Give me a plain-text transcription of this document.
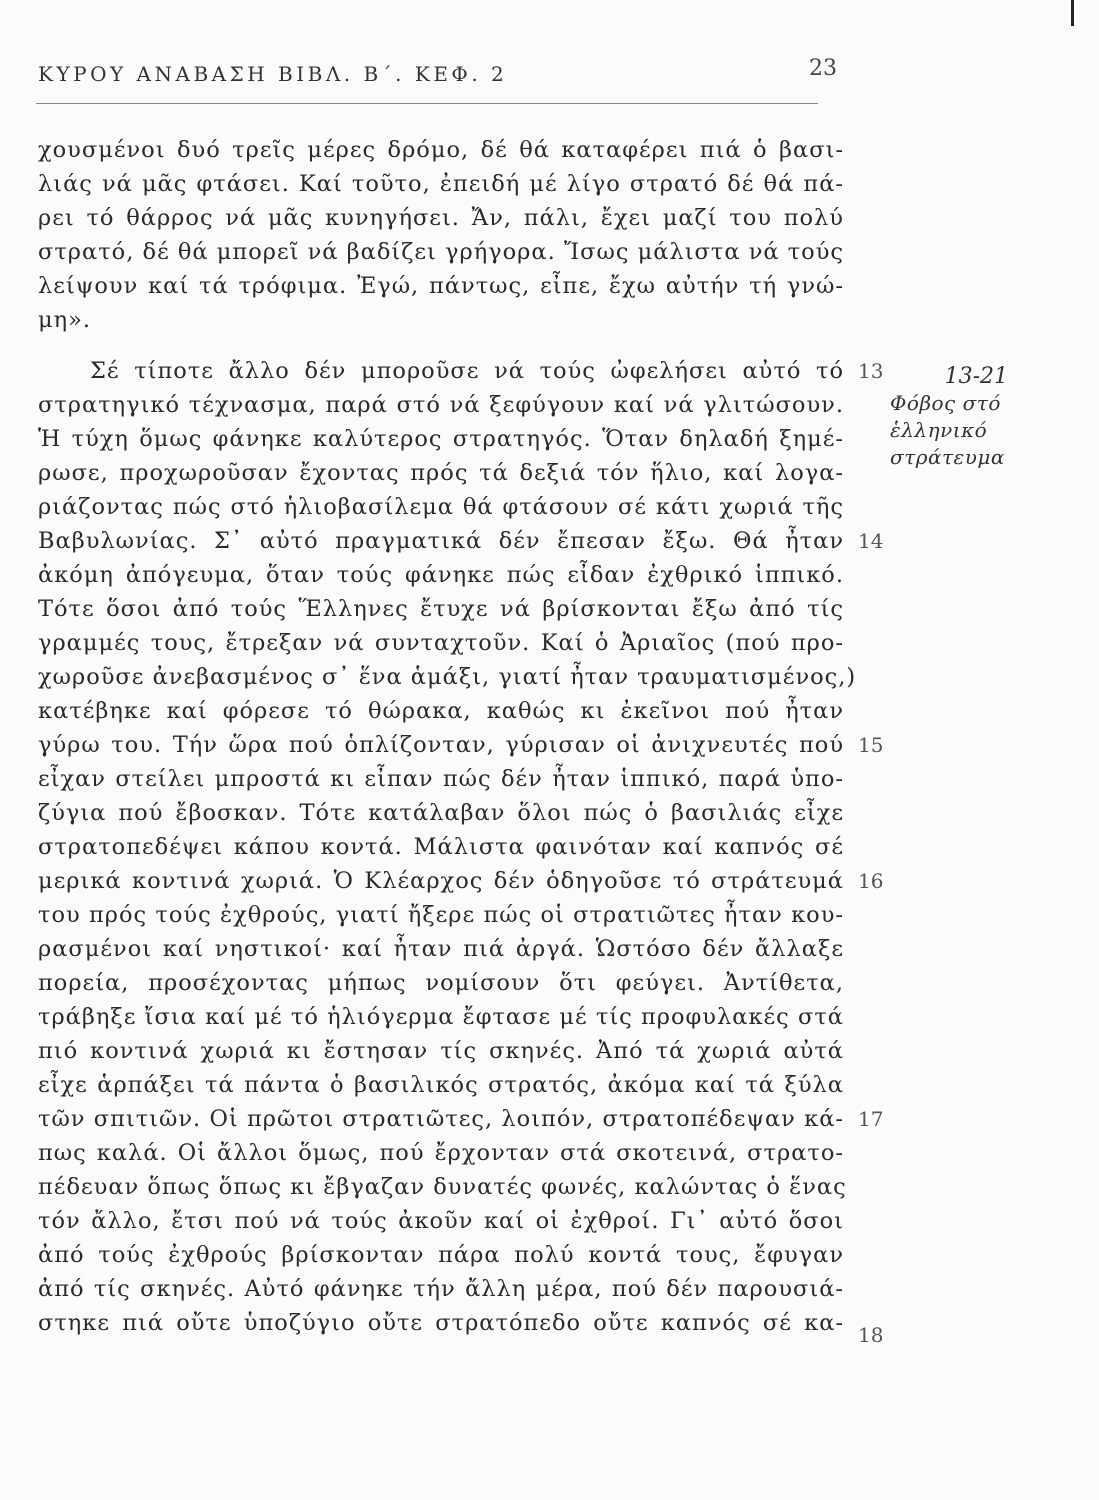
ΚΥΡΟΥ ΑΝΑΒΑΣΗ ΒΙΒΛ. Β΄. ΚΕΦ. 2	23
χουσμένοι δυό τρεῖς μέρες δρόμο, δέ θά καταφέρει πιά ὁ βασι-
λιάς νά μᾶς φτάσει. Καί τοῦτο, ἐπειδή μέ λίγο στρατό δέ θά πά-
ρει τό θάρρος νά μᾶς κυνηγήσει. Ἄν, πάλι, ἔχει μαζί του πολύ
στρατό, δέ θά μπορεῖ νά βαδίζει γρήγορα. Ἴσως μάλιστα νά τούς
λείψουν καί τά τρόφιμα. Ἐγώ, πάντως, εἶπε, ἔχω αὐτήν τή γνώ-
μη».
Σέ τίποτε ἄλλο δέν μποροῦσε νά τούς ὠφελήσει αὐτό τό
στρατηγικό τέχνασμα, παρά στό νά ξεφύγουν καί νά γλιτώσουν.
Ἡ τύχη ὅμως φάνηκε καλύτερος στρατηγός. Ὅταν δηλαδή ξημέ-
ρωσε, προχωροῦσαν ἔχοντας πρός τά δεξιά τόν ἥλιο, καί λογα-
ριάζοντας πώς στό ἡλιοβασίλεμα θά φτάσουν σέ κάτι χωριά τῆς
Βαβυλωνίας. Σ᾽ αὐτό πραγματικά δέν ἔπεσαν ἔξω. Θά ἦταν
ἀκόμη ἀπόγευμα, ὅταν τούς φάνηκε πώς εἶδαν ἐχθρικό ἱππικό.
Τότε ὅσοι ἀπό τούς Ἕλληνες ἔτυχε νά βρίσκονται ἔξω ἀπό τίς
γραμμές τους, ἔτρεξαν νά συνταχτοῦν. Καί ὁ Ἀριαῖος (πού προ-
χωροῦσε ἀνεβασμένος σ᾽ ἕνα ἁμάξι, γιατί ἦταν τραυματισμένος,)
κατέβηκε καί φόρεσε τό θώρακα, καθώς κι ἐκεῖνοι πού ἦταν
γύρω του. Τήν ὥρα πού ὁπλίζονταν, γύρισαν οἱ ἀνιχνευτές πού
εἶχαν στείλει μπροστά κι εἶπαν πώς δέν ἦταν ἱππικό, παρά ὑπο-
ζύγια πού ἔβοσκαν. Τότε κατάλαβαν ὅλοι πώς ὁ βασιλιάς εἶχε
στρατοπεδέψει κάπου κοντά. Μάλιστα φαινόταν καί καπνός σέ
μερικά κοντινά χωριά. Ὁ Κλέαρχος δέν ὁδηγοῦσε τό στράτευμά
του πρός τούς ἐχθρούς, γιατί ἤξερε πώς οἱ στρατιῶτες ἦταν κου-
ρασμένοι καί νηστικοί· καί ἦταν πιά ἀργά. Ὡστόσο δέν ἄλλαξε
πορεία, προσέχοντας μήπως νομίσουν ὅτι φεύγει. Ἀντίθετα,
τράβηξε ἴσια καί μέ τό ἡλιόγερμα ἔφτασε μέ τίς προφυλακές στά
πιό κοντινά χωριά κι ἔστησαν τίς σκηνές. Ἀπό τά χωριά αὐτά
εἶχε ἁρπάξει τά πάντα ὁ βασιλικός στρατός, ἀκόμα καί τά ξύλα
τῶν σπιτιῶν. Οἱ πρῶτοι στρατιῶτες, λοιπόν, στρατοπέδεψαν κά-
πως καλά. Οἱ ἄλλοι ὅμως, πού ἔρχονταν στά σκοτεινά, στρατο-
πέδευαν ὅπως ὅπως κι ἔβγαζαν δυνατές φωνές, καλώντας ὁ ἕνας
τόν ἄλλο, ἔτσι πού νά τούς ἀκοῦν καί οἱ ἐχθροί. Γι᾽ αὐτό ὅσοι
ἀπό τούς ἐχθρούς βρίσκονταν πάρα πολύ κοντά τους, ἔφυγαν
ἀπό τίς σκηνές. Αὐτό φάνηκε τήν ἄλλη μέρα, πού δέν παρουσιά-
στηκε πιά οὔτε ὑποζύγιο οὔτε στρατόπεδο οὔτε καπνός σέ κα-
13
14
15
16
17
18
13-21
Φόβος στό
ἑλληνικό
στράτευμα
